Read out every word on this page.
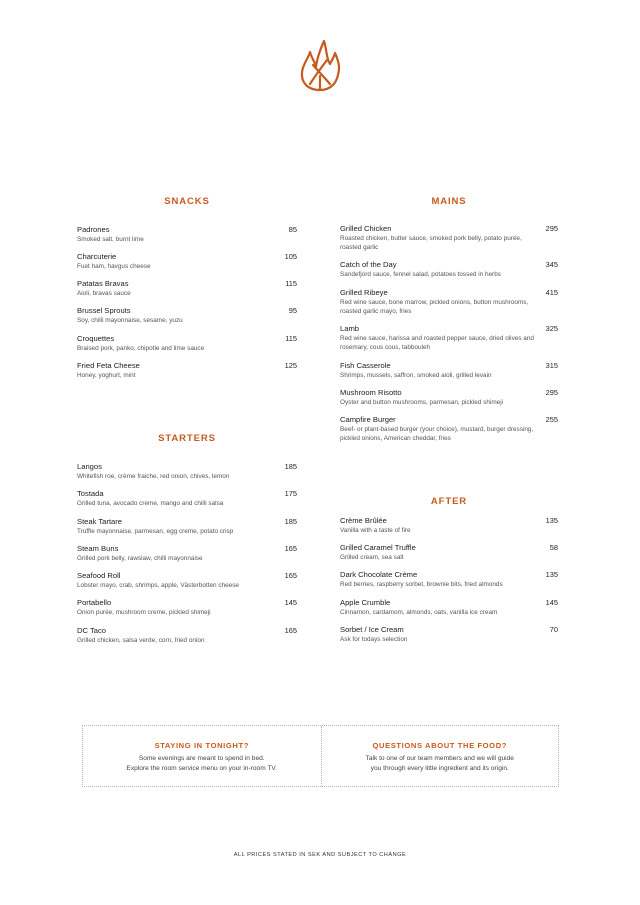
SNACKS
Padrones
Smoked salt, burnt lime
85
Charcuterie
Fuet ham, havgus cheese
105
Patatas Bravas
Aioli, bravas sauce
115
Brussel Sprouts
Soy, chilli mayonnaise, sesame, yuzu
95
Croquettes
Braised pork, panko, chipotle and lime sauce
115
Fried Feta Cheese
Honey, yoghurt, mint
125
STARTERS
Langos
Whitefish roe, crème fraiche, red onion, chives, lemon
185
Tostada
Grilled tuna, avocado creme, mango and chilli salsa
175
Steak Tartare
Truffle mayonnaise, parmesan, egg creme, potato crisp
185
Steam Buns
Grilled pork belly, rawslaw, chilli mayonnaise
165
Seafood Roll
Lobster mayo, crab, shrimps, apple, Västerbotten cheese
165
Portabello
Onion purée, mushroom creme, pickled shimeji
145
DC Taco
Grilled chicken, salsa verde, corn, fried onion
165
MAINS
Grilled Chicken
Roasted chicken, butter sauce, smoked pork belly, potato purée, roasted garlic
295
Catch of the Day
Sandefjord sauce, fennel salad, potatoes tossed in herbs
345
Grilled Ribeye
Red wine sauce, bone marrow, pickled onions, button mushrooms, roasted garlic mayo, fries
415
Lamb
Red wine sauce, harissa and roasted pepper sauce, dried olives and rosemary, cous cous, tabbouleh
325
Fish Casserole
Shrimps, mussels, saffron, smoked aioli, grilled levain
315
Mushroom Risotto
Oyster and button mushrooms, parmesan, pickled shimeji
295
Campfire Burger
Beef- or plant-based burger (your choice), mustard, burger dressing, pickled onions, American cheddar, fries
255
AFTER
Crème Brûlée
Vanilla with a taste of fire
135
Grilled Caramel Truffle
Grilled cream, sea salt
58
Dark Chocolate Crème
Red berries, raspberry sorbet, brownie bits, fried almonds
135
Apple Crumble
Cinnamon, cardamom, almonds, oats, vanilla ice cream
145
Sorbet / Ice Cream
Ask for todays selection
70
STAYING IN TONIGHT?
Some evenings are meant to spend in bed.
Explore the room service menu on your in-room TV.
QUESTIONS ABOUT THE FOOD?
Talk to one of our team members and we will guide
you through every little ingredient and its origin.
ALL PRICES STATED IN SEK AND SUBJECT TO CHANGE
